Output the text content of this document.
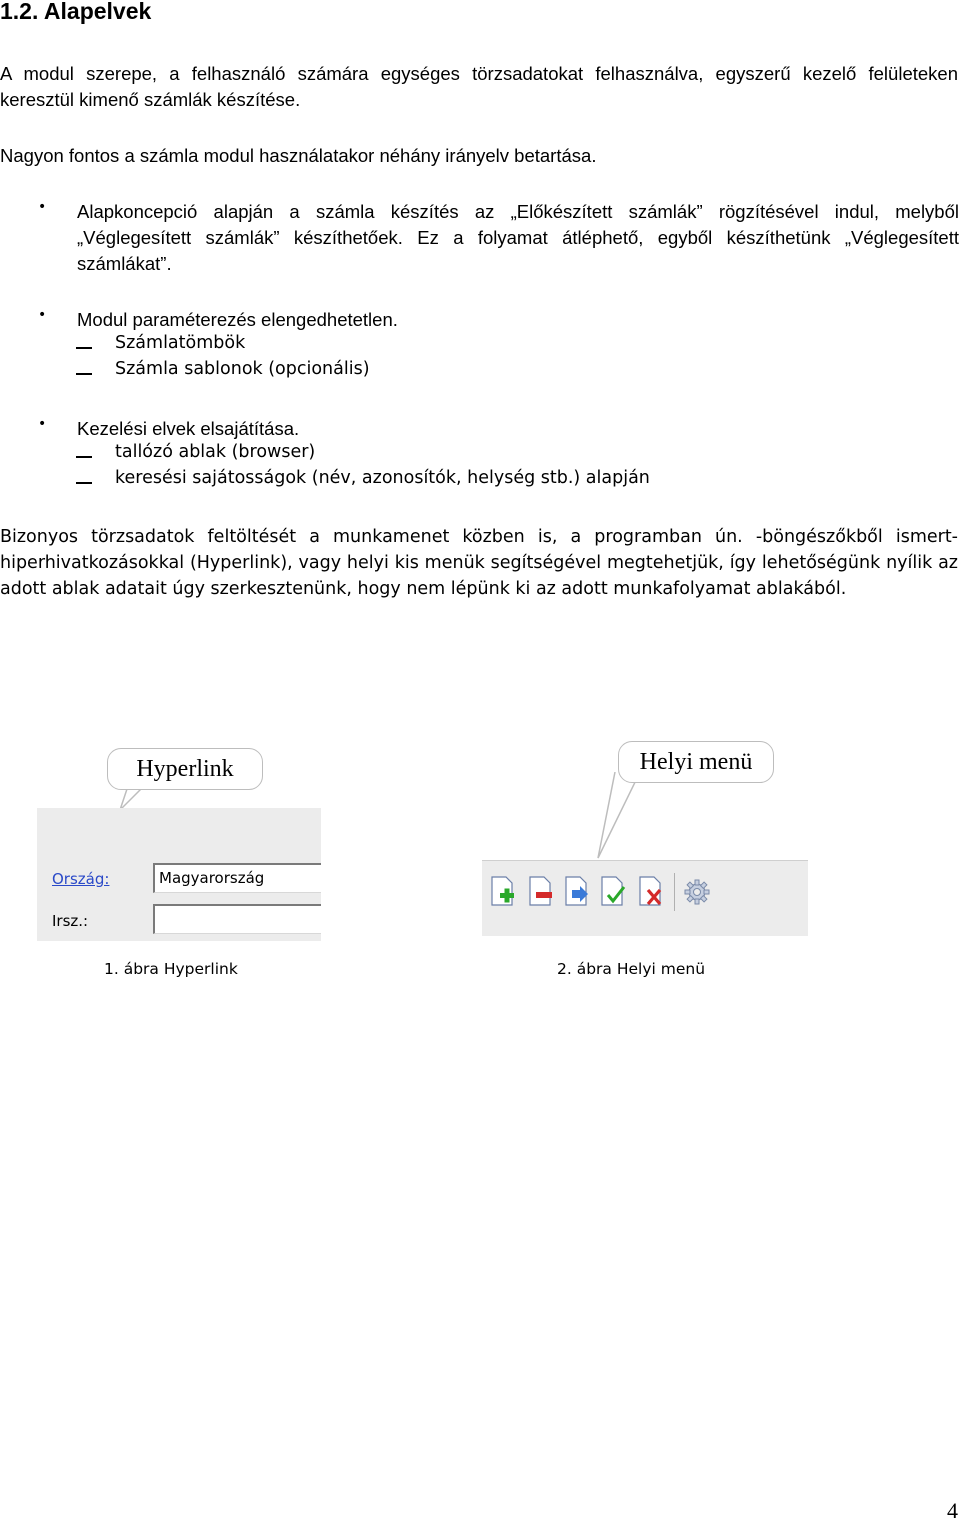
1.2. Alapelvek
A modul szerepe, a felhasználó számára egységes törzsadatokat felhasználva, egyszerű kezelő felületeken keresztül kimenő számlák készítése.
Nagyon fontos a számla modul használatakor néhány irányelv betartása.
• Alapkoncepció alapján a számla készítés az „Előkészített számlák” rögzítésével indul, melyből „Véglegesített számlák” készíthetőek. Ez a folyamat átléphető, egyből készíthetünk „Véglegesített számlákat”.
• Modul paraméterezés elengedhetetlen.
Számlatömbök
Számla sablonok (opcionális)
• Kezelési elvek elsajátítása.
tallózó ablak (browser)
keresési sajátosságok (név, azonosítók, helység stb.) alapján
Bizonyos törzsadatok feltöltését a munkamenet közben is, a programban ún. -böngészőkből ismert-hiperhivatkozásokkal (Hyperlink), vagy helyi kis menük segítségével megtehetjük, így lehetőségünk nyílik az adott ablak adatait úgy szerkesztenünk, hogy nem lépünk ki az adott munkafolyamat ablakából.
Hyperlink
Ország:	Magyarország
Irsz.:
Helyi menü
1. ábra Hyperlink	2. ábra Helyi menü
4
